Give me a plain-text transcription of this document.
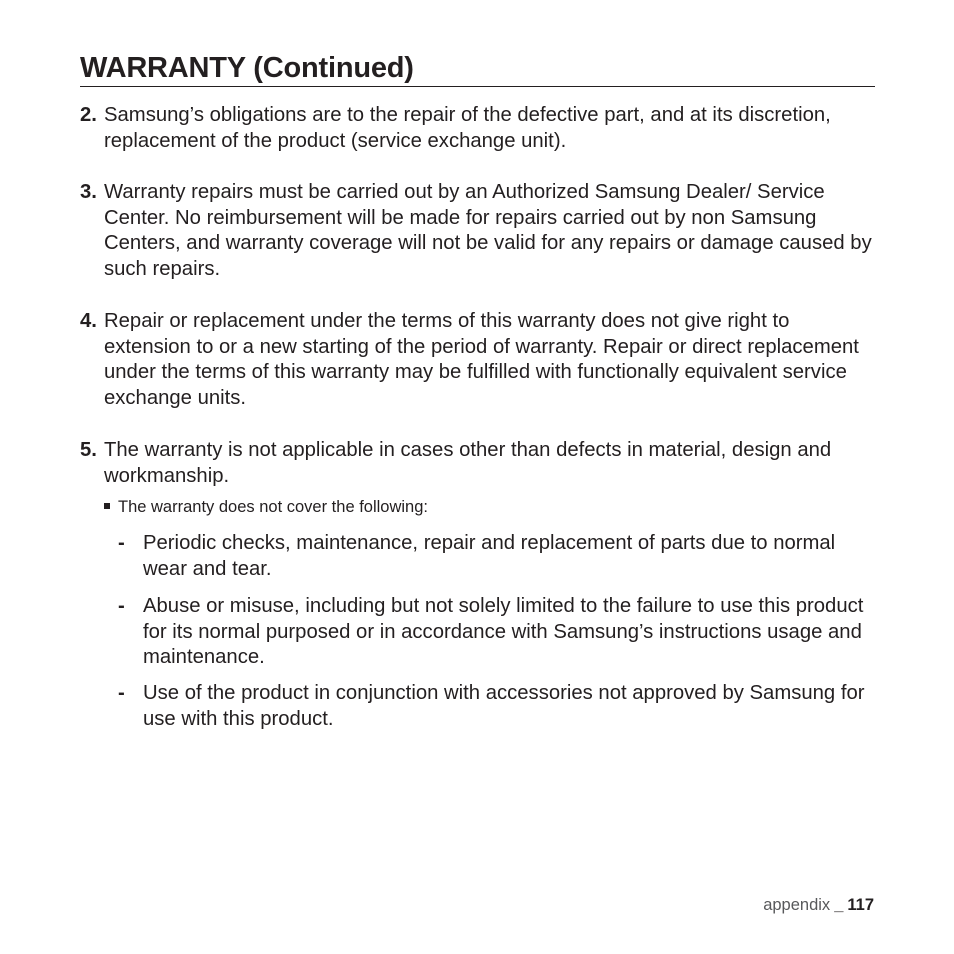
WARRANTY (Continued)
2. Samsung’s obligations are to the repair of the defective part, and at its discretion, replacement of the product (service exchange unit).
3. Warranty repairs must be carried out by an Authorized Samsung Dealer/ Service Center. No reimbursement will be made for repairs carried out by non Samsung Centers, and warranty coverage will not be valid for any repairs or damage caused by such repairs.
4. Repair or replacement under the terms of this warranty does not give right to extension to or a new starting of the period of warranty. Repair or direct replacement under the terms of this warranty may be fulfilled with functionally equivalent service exchange units.
5. The warranty is not applicable in cases other than defects in material, design and workmanship.
The warranty does not cover the following:
- Periodic checks, maintenance, repair and replacement of parts due to normal wear and tear.
- Abuse or misuse, including but not solely limited to the failure to use this product for its normal purposed or in accordance with Samsung’s instructions usage and maintenance.
- Use of the product in conjunction with accessories not approved by Samsung for use with this product.
appendix _ 117
